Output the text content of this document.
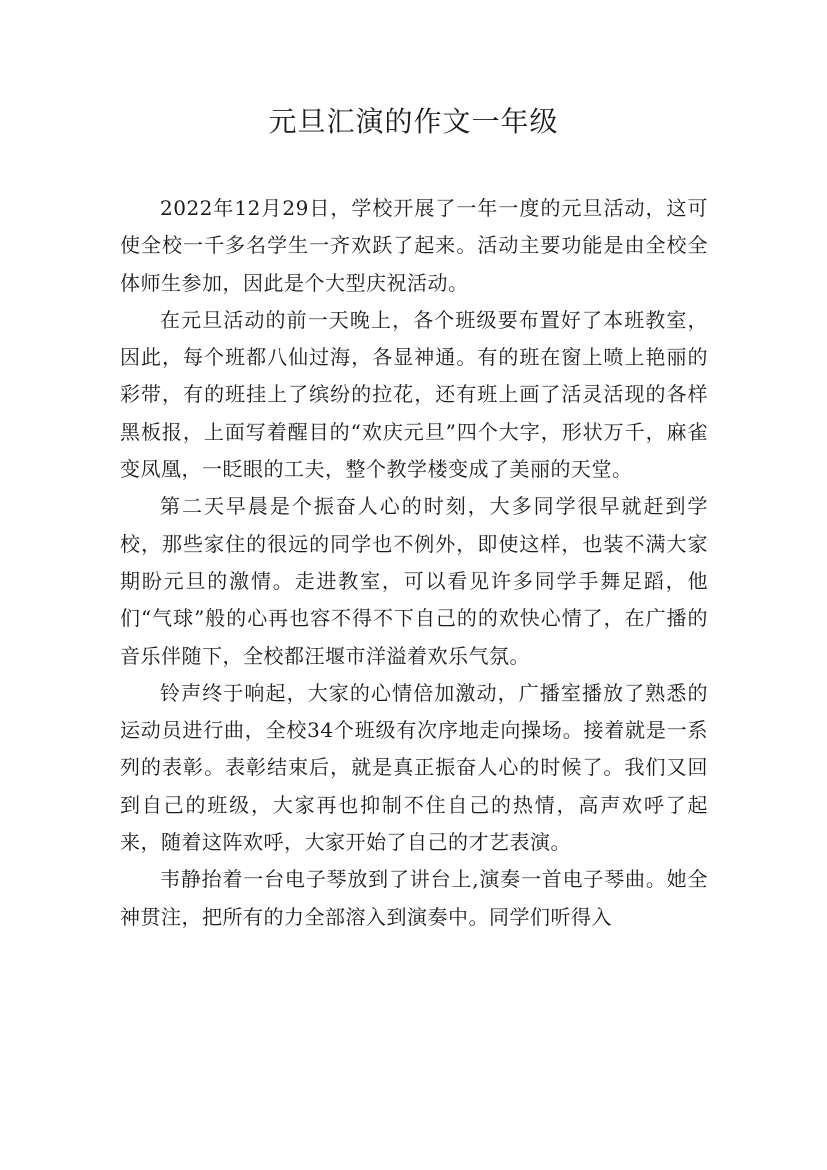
元旦汇演的作文一年级

2022年12月29日，学校开展了一年一度的元旦活动，这可使全校一千多名学生一齐欢跃了起来。活动主要功能是由全校全体师生参加，因此是个大型庆祝活动。

在元旦活动的前一天晚上，各个班级要布置好了本班教室，因此，每个班都八仙过海，各显神通。有的班在窗上喷上艳丽的彩带，有的班挂上了缤纷的拉花，还有班上画了活灵活现的各样黑板报，上面写着醒目的“欢庆元旦”四个大字，形状万千，麻雀变凤凰，一眨眼的工夫，整个教学楼变成了美丽的天堂。

第二天早晨是个振奋人心的时刻，大多同学很早就赶到学校，那些家住的很远的同学也不例外，即使这样，也装不满大家期盼元旦的激情。走进教室，可以看见许多同学手舞足蹈，他们“气球”般的心再也容不得不下自己的的欢快心情了，在广播的音乐伴随下，全校都汪堰市洋溢着欢乐气氛。

铃声终于响起，大家的心情倍加激动，广播室播放了熟悉的运动员进行曲，全校34个班级有次序地走向操场。接着就是一系列的表彰。表彰结束后，就是真正振奋人心的时候了。我们又回到自己的班级，大家再也抑制不住自己的热情，高声欢呼了起来，随着这阵欢呼，大家开始了自己的才艺表演。

韦静抬着一台电子琴放到了讲台上,演奏一首电子琴曲。她全神贯注，把所有的力全部溶入到演奏中。同学们听得入
